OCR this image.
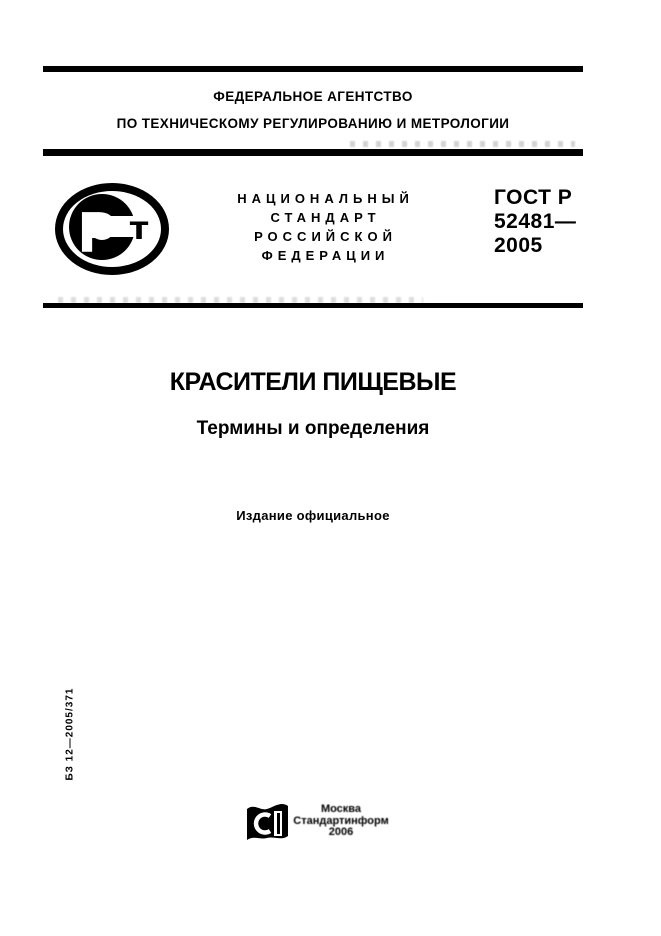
ФЕДЕРАЛЬНОЕ АГЕНТСТВО
ПО ТЕХНИЧЕСКОМУ РЕГУЛИРОВАНИЮ И МЕТРОЛОГИИ
т
Р
НАЦИОНАЛЬНЫЙ
СТАНДАРТ
РОССИЙСКОЙ
ФЕДЕРАЦИИ
ГОСТ Р
52481—
2005
КРАСИТЕЛИ ПИЩЕВЫЕ
Термины и определения
Издание официальное
БЗ 12—2005/371
Москва
Стандартинформ
2006
